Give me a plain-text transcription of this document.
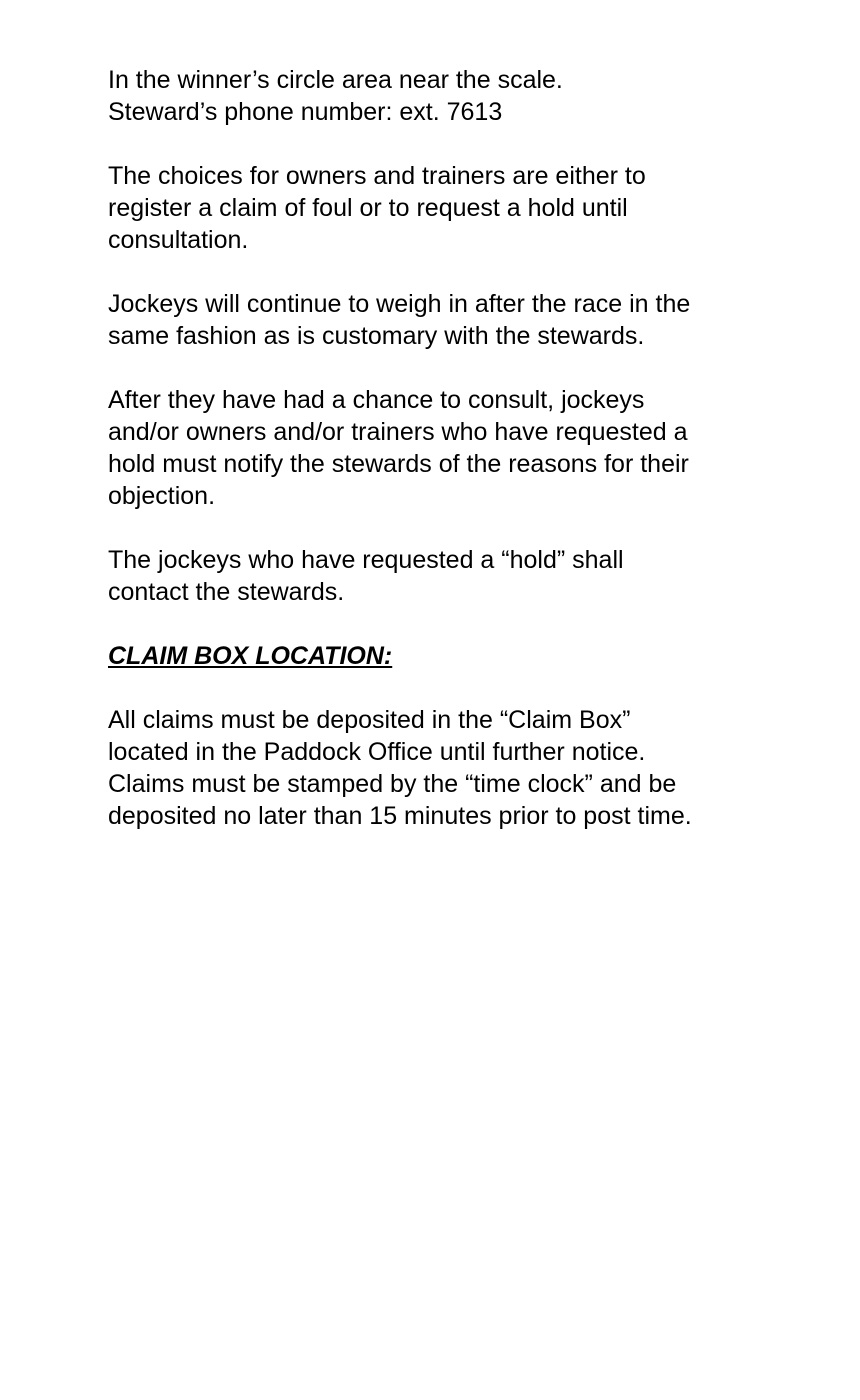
In the winner’s circle area near the scale.
Steward’s phone number: ext. 7613

The choices for owners and trainers are either to
register a claim of foul or to request a hold until
consultation.

Jockeys will continue to weigh in after the race in the
same fashion as is customary with the stewards.

After they have had a chance to consult, jockeys
and/or owners and/or trainers who have requested a
hold must notify the stewards of the reasons for their
objection.

The jockeys who have requested a “hold” shall
contact the stewards.

CLAIM BOX LOCATION:

All claims must be deposited in the “Claim Box”
located in the Paddock Office until further notice.
Claims must be stamped by the “time clock” and be
deposited no later than 15 minutes prior to post time.
